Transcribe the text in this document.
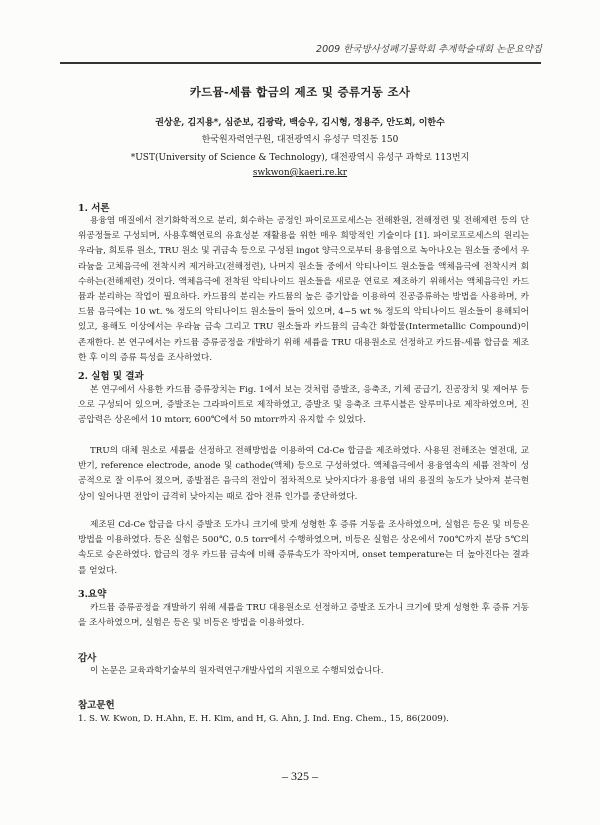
2009 한국방사성폐기물학회 추계학술대회 논문요약집
카드뮴-세륨 합금의 제조 및 증류거동 조사
권상운, 김지용*, 심준보, 김광락, 백승우, 김시형, 정용주, 안도희, 이한수
한국원자력연구원, 대전광역시 유성구 덕진동 150
*UST(University of Science & Technology), 대전광역시 유성구 과학로 113번지
swkwon@kaeri.re.kr
1. 서론

용융염 매질에서 전기화학적으로 분리, 회수하는 공정인 파이로프로세스는 전해환원, 전해정련 및 전해제련 등의 단위공정들로 구성되며, 사용후핵연료의 유효성분 재활용을 위한 매우 희망적인 기술이다 [1]. 파이로프로세스의 원리는 우라늄, 희토류 원소, TRU 원소 및 귀금속 등으로 구성된 ingot 양극으로부터 용융염으로 녹아나오는 원소들 중에서 우라늄을 고체음극에 전착시켜 제거하고(전해정련), 나머지 원소들 중에서 악티나이드 원소들을 액체음극에 전착시켜 회수하는(전해제련) 것이다. 액체음극에 전착된 악티나이드 원소들을 새로운 연료로 제조하기 위해서는 액체음극인 카드뮴과 분리하는 작업이 필요하다. 카드뮴의 분리는 카드뮴의 높은 증기압을 이용하여 진공증류하는 방법을 사용하며, 카드뮴 음극에는 10 wt. % 정도의 악티나이드 원소들이 들어 있으며, 4~5 wt % 정도의 악티나이드 원소들이 용해되어 있고, 용해도 이상에서는 우라늄 금속 그리고 TRU 원소들과 카드뮴의 금속간 화합물(Intermetallic Compound)이 존재한다. 본 연구에서는 카드뮴 증류공정을 개발하기 위해 세륨을 TRU 대용원소로 선정하고 카드뮴-세륨 합금을 제조한 후 이의 증류 특성을 조사하였다.

2. 실험 및 결과

본 연구에서 사용한 카드뮴 증류장치는 Fig. 1에서 보는 것처럼 증발조, 응축조, 기체 공급기, 진공장치 및 제어부 등으로 구성되어 있으며, 증발조는 그라파이트로 제작하였고, 증발조 및 응축조 크루시블은 알루미나로 제작하였으며, 진공압력은 상온에서 10 mtorr, 600℃에서 50 mtorr까지 유지할 수 있었다.

TRU의 대체 원소로 세륨을 선정하고 전해방법을 이용하여 Cd-Ce 합금을 제조하였다. 사용된 전해조는 열전대, 교반기, reference electrode, anode 및 cathode(액체) 등으로 구성하였다. 액체음극에서 용융염속의 세륨 전착이 성공적으로 잘 이루어 졌으며, 종발점은 음극의 전압이 점차적으로 낮아지다가 용융염 내의 용질의 농도가 낮아져 분극현상이 일어나면 전압이 급격히 낮아지는 때로 잡아 전류 인가를 중단하였다.

제조된 Cd-Ce 합금을 다시 증발조 도가니 크기에 맞게 성형한 후 증류 거동을 조사하였으며, 실험은 등온 및 비등온 방법을 이용하였다. 등온 실험은 500℃, 0.5 torr에서 수행하였으며, 비등온 실험은 상온에서 700℃까지 분당 5℃의 속도로 승온하였다. 합금의 경우 카드뮴 금속에 비해 증류속도가 작아지며, onset temperature는 더 높아진다는 결과를 얻었다.

3.요약

카드뮴 증류공정을 개발하기 위해 세륨을 TRU 대용원소로 선정하고 증발조 도가니 크기에 맞게 성형한 후 증류 거동을 조사하였으며, 실험은 등온 및 비등온 방법을 이용하였다.

감사

이 논문은 교육과학기술부의 원자력연구개발사업의 지원으로 수행되었습니다.

참고문헌
1. S. W. Kwon, D. H.Ahn, E. H. Kim, and H, G. Ahn, J. Ind. Eng. Chem., 15, 86(2009).
– 325 –
